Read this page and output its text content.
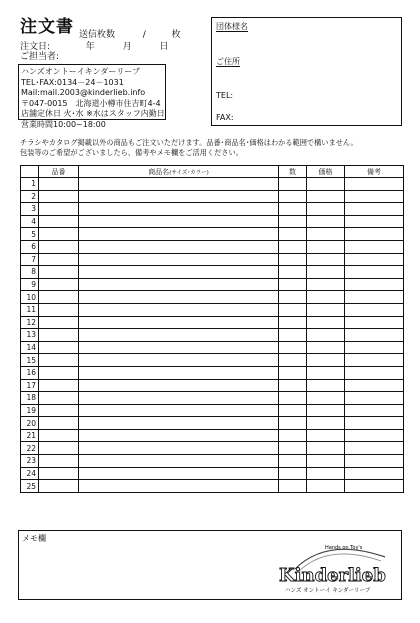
注文書 送信枚数	/	枚
注文日:	年	月	日
ご担当者:
ハンズオントーイキンダーリーブ
TEL･FAX:0134－24－1031
Mail:mail.2003@kinderlieb.info
〒047-0015　北海道小樽市住吉町4-4
店舗定休日 火･水 ※水はスタッフ内勤日
営業時間10:00~18:00
団体様名
ご住所
TEL:
FAX:
チラシやカタログ掲載以外の商品もご注文いただけます。品番･商品名･価格はわかる範囲で構いません。
包装等のご希望がございましたら、備考やメモ欄をご活用ください。
	品番	商品名(サイズ･カラー)	数	価格	備考
1					
2					
3					
4					
5					
6					
7					
8					
9					
10					
11					
12					
13					
14					
15					
16					
17					
18					
19					
20					
21					
22					
23					
24					
25					
メモ欄
Hands on Toy's
Kinderlieb
ハンズ オントーイ キンダーリーブ
